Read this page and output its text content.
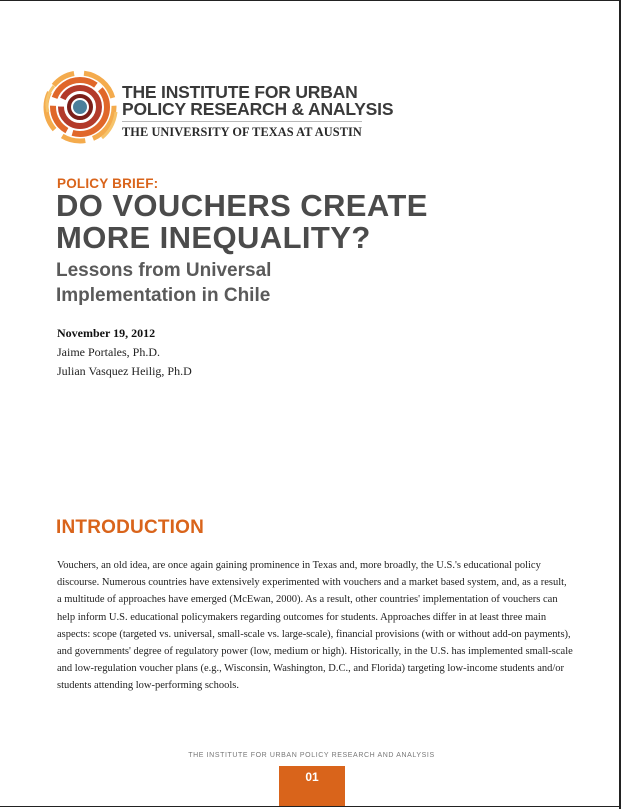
THE INSTITUTE FOR URBAN
POLICY RESEARCH & ANALYSIS
THE UNIVERSITY OF TEXAS AT AUSTIN
POLICY BRIEF:
DO VOUCHERS CREATE
MORE INEQUALITY?
Lessons from Universal
Implementation in Chile
November 19, 2012
Jaime Portales, Ph.D.
Julian Vasquez Heilig, Ph.D
INTRODUCTION
Vouchers, an old idea, are once again gaining prominence in Texas and, more broadly, the U.S.'s educational policy discourse. Numerous countries have extensively experimented with vouchers and a market based system, and, as a result, a multitude of approaches have emerged (McEwan, 2000). As a result, other countries' implementation of vouchers can help inform U.S. educational policymakers regarding outcomes for students. Approaches differ in at least three main aspects: scope (targeted vs. universal, small-scale vs. large-scale), financial provisions (with or without add-on payments), and governments' degree of regulatory power (low, medium or high). Historically, in the U.S. has implemented small-scale and low-regulation voucher plans (e.g., Wisconsin, Washington, D.C., and Florida) targeting low-income students and/or students attending low-performing schools.
THE INSTITUTE FOR URBAN POLICY RESEARCH AND ANALYSIS
01
